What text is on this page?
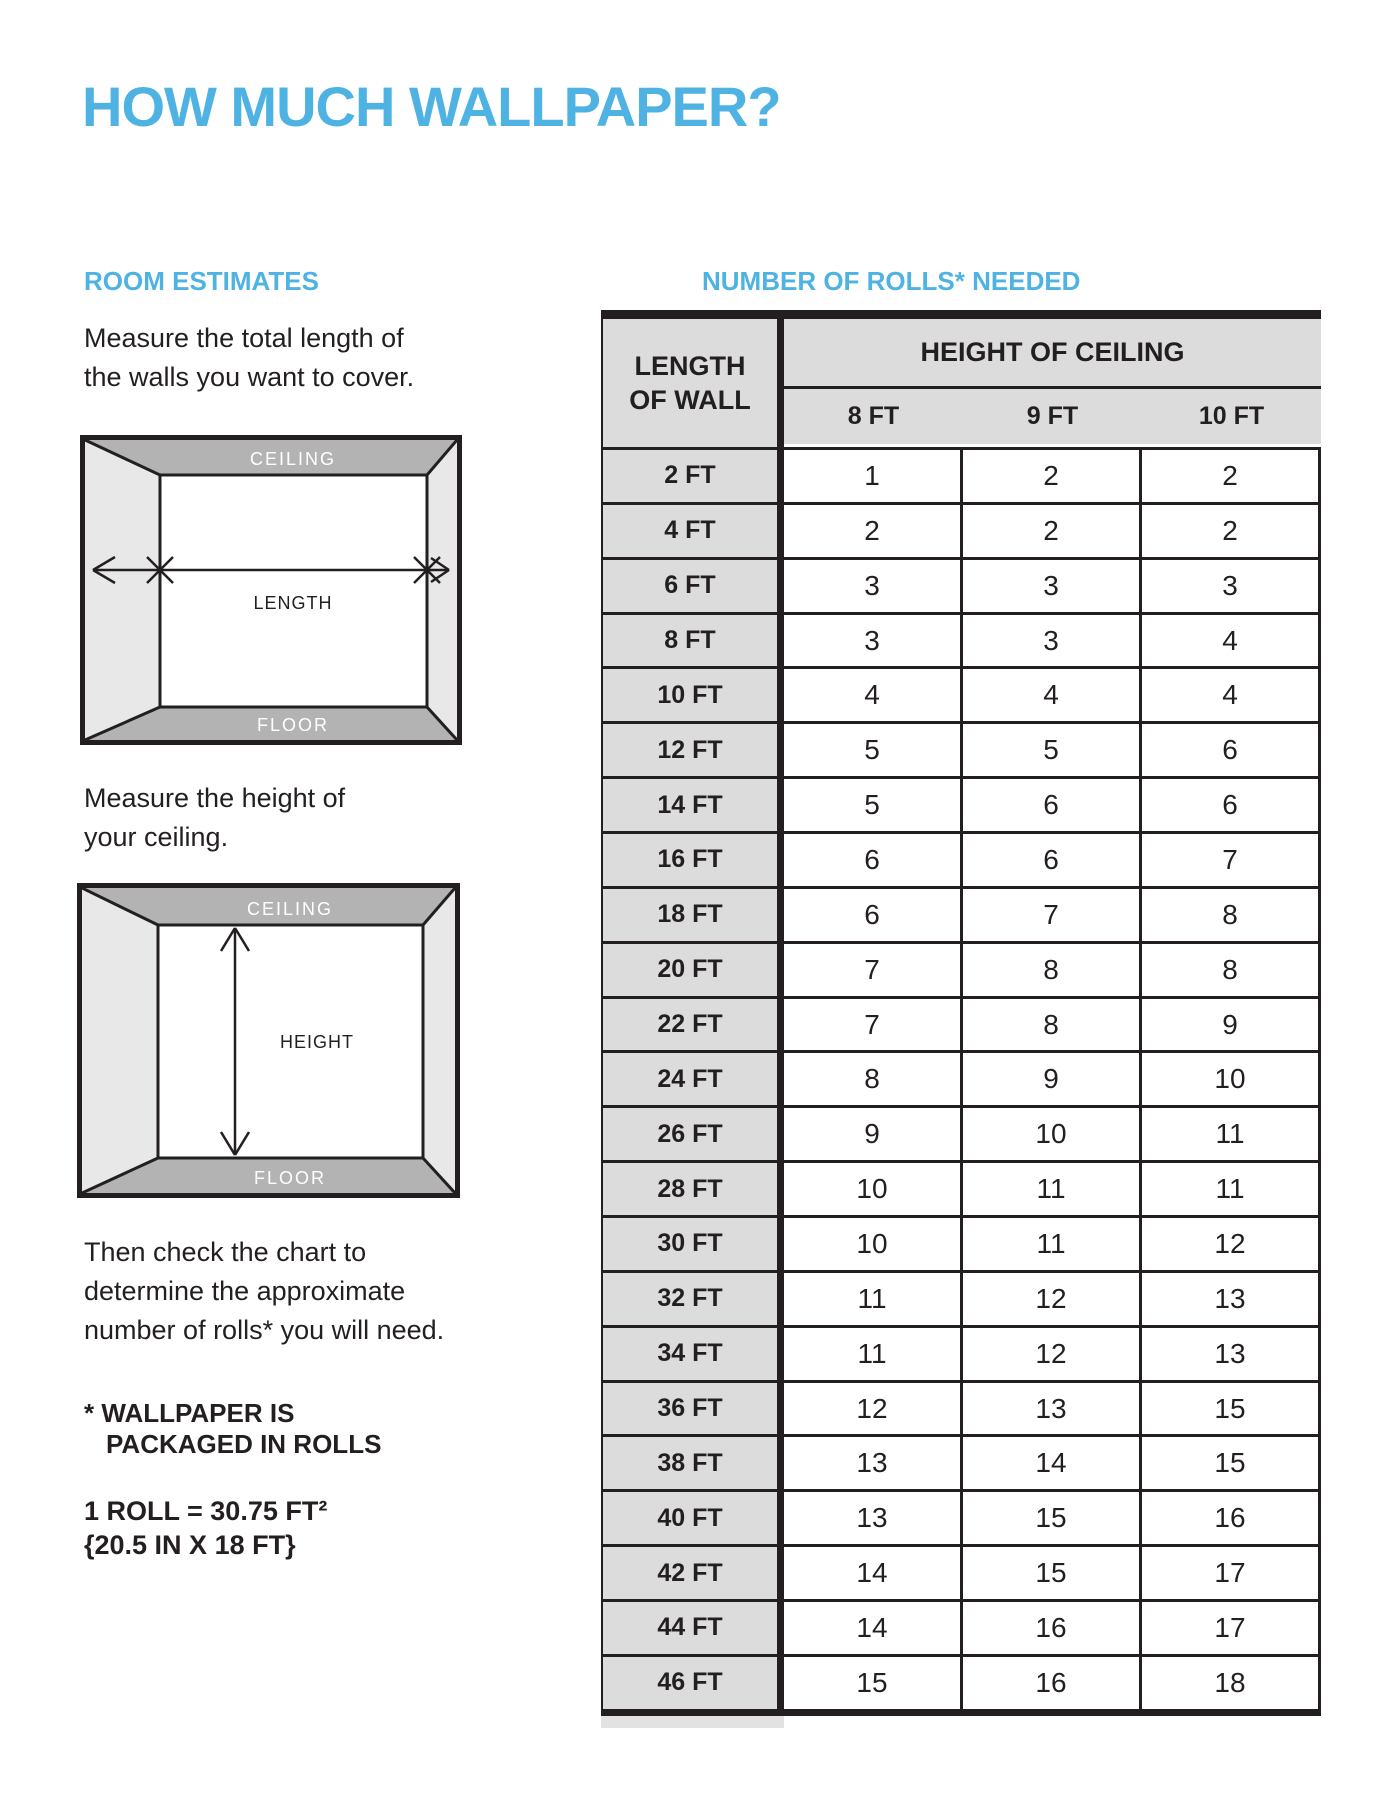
HOW MUCH WALLPAPER?
ROOM ESTIMATES
Measure the total length of
the walls you want to cover.
CEILING
LENGTH
FLOOR
Measure the height of
your ceiling.
CEILING
HEIGHT
FLOOR
Then check the chart to
determine the approximate
number of rolls* you will need.
* WALLPAPER IS
PACKAGED IN ROLLS
1 ROLL = 30.75 FT²
{20.5 IN X 18 FT}
NUMBER OF ROLLS* NEEDED
LENGTH
OF WALL
HEIGHT OF CEILING
8 FT	9 FT	10 FT
2 FT	1	2	2
4 FT	2	2	2
6 FT	3	3	3
8 FT	3	3	4
10 FT	4	4	4
12 FT	5	5	6
14 FT	5	6	6
16 FT	6	6	7
18 FT	6	7	8
20 FT	7	8	8
22 FT	7	8	9
24 FT	8	9	10
26 FT	9	10	11
28 FT	10	11	11
30 FT	10	11	12
32 FT	11	12	13
34 FT	11	12	13
36 FT	12	13	15
38 FT	13	14	15
40 FT	13	15	16
42 FT	14	15	17
44 FT	14	16	17
46 FT	15	16	18
